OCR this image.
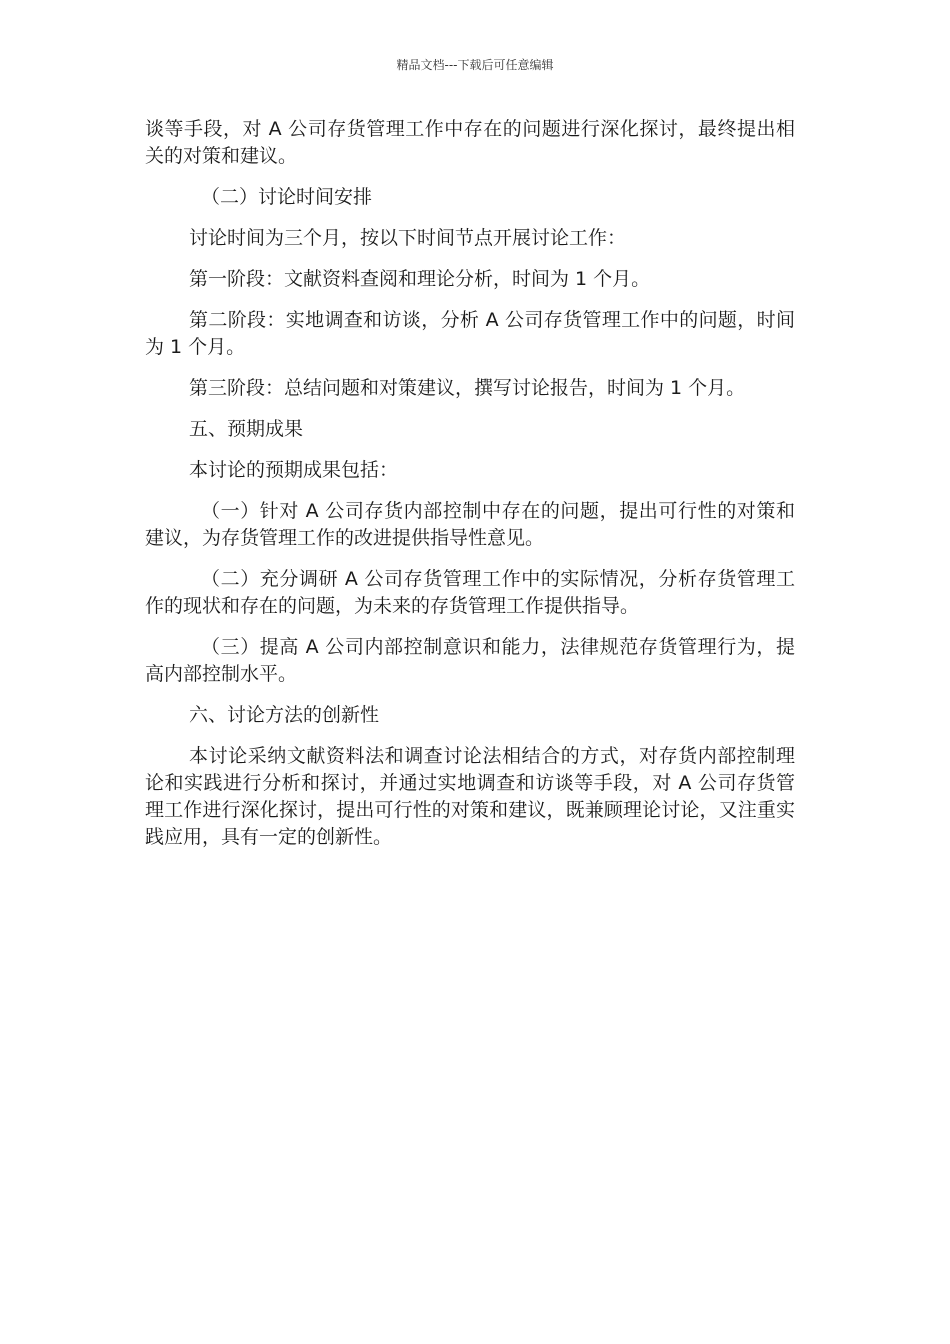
精品文档---下载后可任意编辑

谈等手段，对 A 公司存货管理工作中存在的问题进行深化探讨，最终提出相关的对策和建议。

（二）讨论时间安排

讨论时间为三个月，按以下时间节点开展讨论工作：

第一阶段：文献资料查阅和理论分析，时间为 1 个月。

第二阶段：实地调查和访谈，分析 A 公司存货管理工作中的问题，时间为 1 个月。

第三阶段：总结问题和对策建议，撰写讨论报告，时间为 1 个月。

五、预期成果

本讨论的预期成果包括：

（一）针对 A 公司存货内部控制中存在的问题，提出可行性的对策和建议，为存货管理工作的改进提供指导性意见。

（二）充分调研 A 公司存货管理工作中的实际情况，分析存货管理工作的现状和存在的问题，为未来的存货管理工作提供指导。

（三）提高 A 公司内部控制意识和能力，法律规范存货管理行为，提高内部控制水平。

六、讨论方法的创新性

本讨论采纳文献资料法和调查讨论法相结合的方式，对存货内部控制理论和实践进行分析和探讨，并通过实地调查和访谈等手段，对 A 公司存货管理工作进行深化探讨，提出可行性的对策和建议，既兼顾理论讨论，又注重实践应用，具有一定的创新性。
